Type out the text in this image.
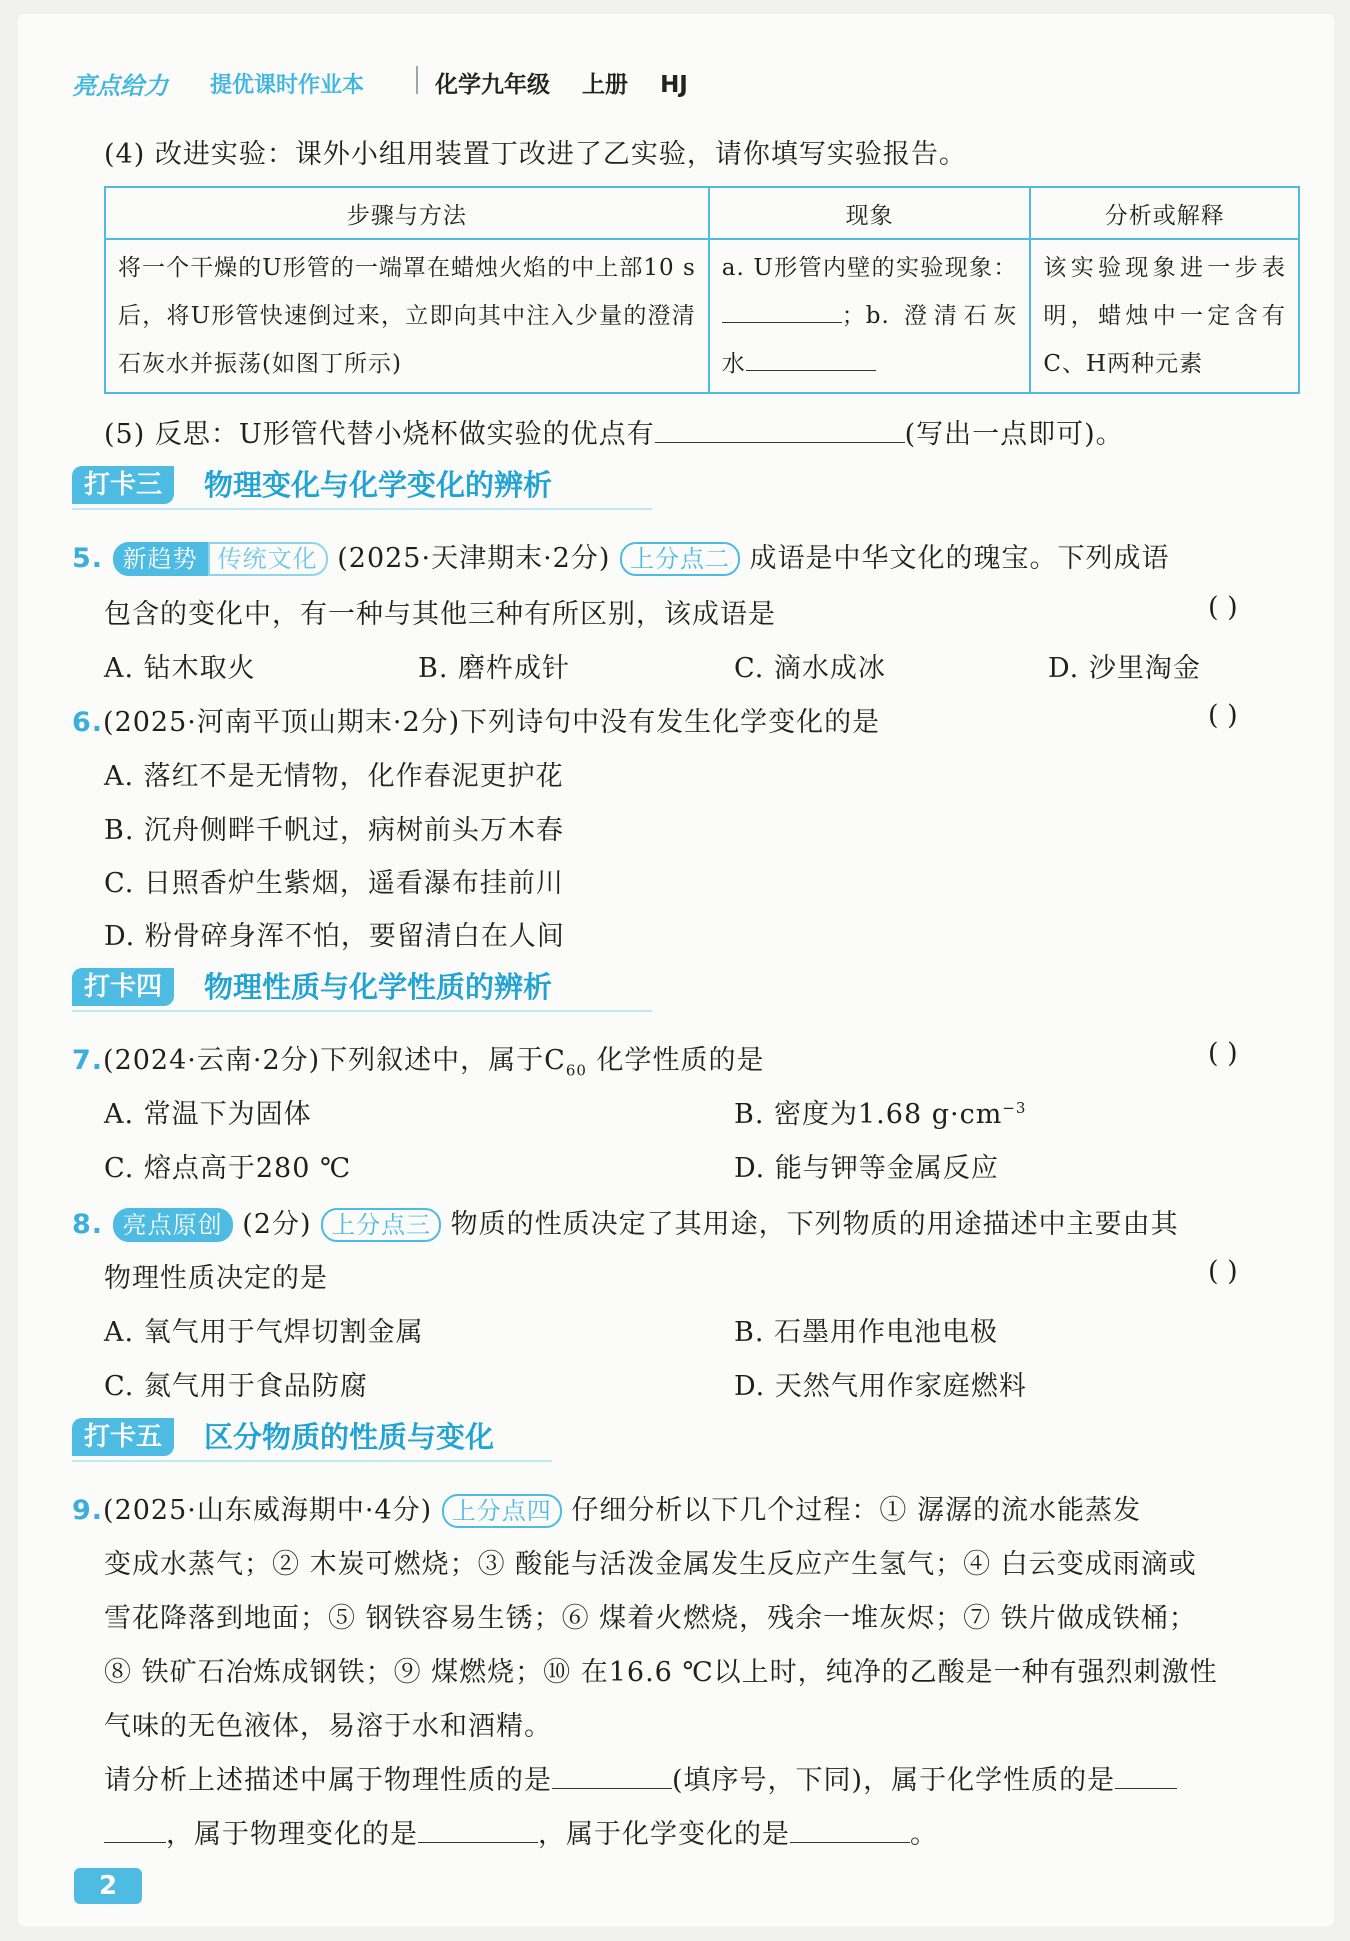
亮点给力 提优课时作业本	化学九年级 上册 HJ
(4) 改进实验：课外小组用装置丁改进了乙实验，请你填写实验报告。
步骤与方法	现象	分析或解释
将一个干燥的U形管的一端罩在蜡烛火焰的中上部10 s后，将U形管快速倒过来，立即向其中注入少量的澄清石灰水并振荡(如图丁所示)	a. U形管内壁的实验现象：；b. 澄清石灰水	该实验现象进一步表明，蜡烛中一定含有C、H两种元素
(5) 反思：U形管代替小烧杯做实验的优点有	(写出一点即可)。
打卡三	物理变化与化学变化的辨析
5. 新趋势 传统文化 (2025·天津期末·2分) 上分点二 成语是中华文化的瑰宝。下列成语
包含的变化中，有一种与其他三种有所区别，该成语是	( )
A. 钻木取火	B. 磨杵成针	C. 滴水成冰	D. 沙里淘金
6.(2025·河南平顶山期末·2分)下列诗句中没有发生化学变化的是	( )
A. 落红不是无情物，化作春泥更护花
B. 沉舟侧畔千帆过，病树前头万木春
C. 日照香炉生紫烟，遥看瀑布挂前川
D. 粉骨碎身浑不怕，要留清白在人间
打卡四	物理性质与化学性质的辨析
7.(2024·云南·2分)下列叙述中，属于$C_{60}$ 化学性质的是	( )
A. 常温下为固体	B. 密度为1.68 $g\cdot cm^{-3}$
C. 熔点高于280 ℃	D. 能与钾等金属反应
8. 亮点原创 (2分) 上分点三 物质的性质决定了其用途，下列物质的用途描述中主要由其
物理性质决定的是	( )
A. 氧气用于气焊切割金属	B. 石墨用作电池电极
C. 氮气用于食品防腐	D. 天然气用作家庭燃料
打卡五	区分物质的性质与变化
9.(2025·山东威海期中·4分) 上分点四 仔细分析以下几个过程：① 潺潺的流水能蒸发
变成水蒸气；② 木炭可燃烧；③ 酸能与活泼金属发生反应产生氢气；④ 白云变成雨滴或
雪花降落到地面；⑤ 钢铁容易生锈；⑥ 煤着火燃烧，残余一堆灰烬；⑦ 铁片做成铁桶；
⑧ 铁矿石冶炼成钢铁；⑨ 煤燃烧；⑩ 在16.6 ℃以上时，纯净的乙酸是一种有强烈刺激性
气味的无色液体，易溶于水和酒精。
请分析上述描述中属于物理性质的是	(填序号，下同)，属于化学性质的是
，属于物理变化的是	，属于化学变化的是	。
2
